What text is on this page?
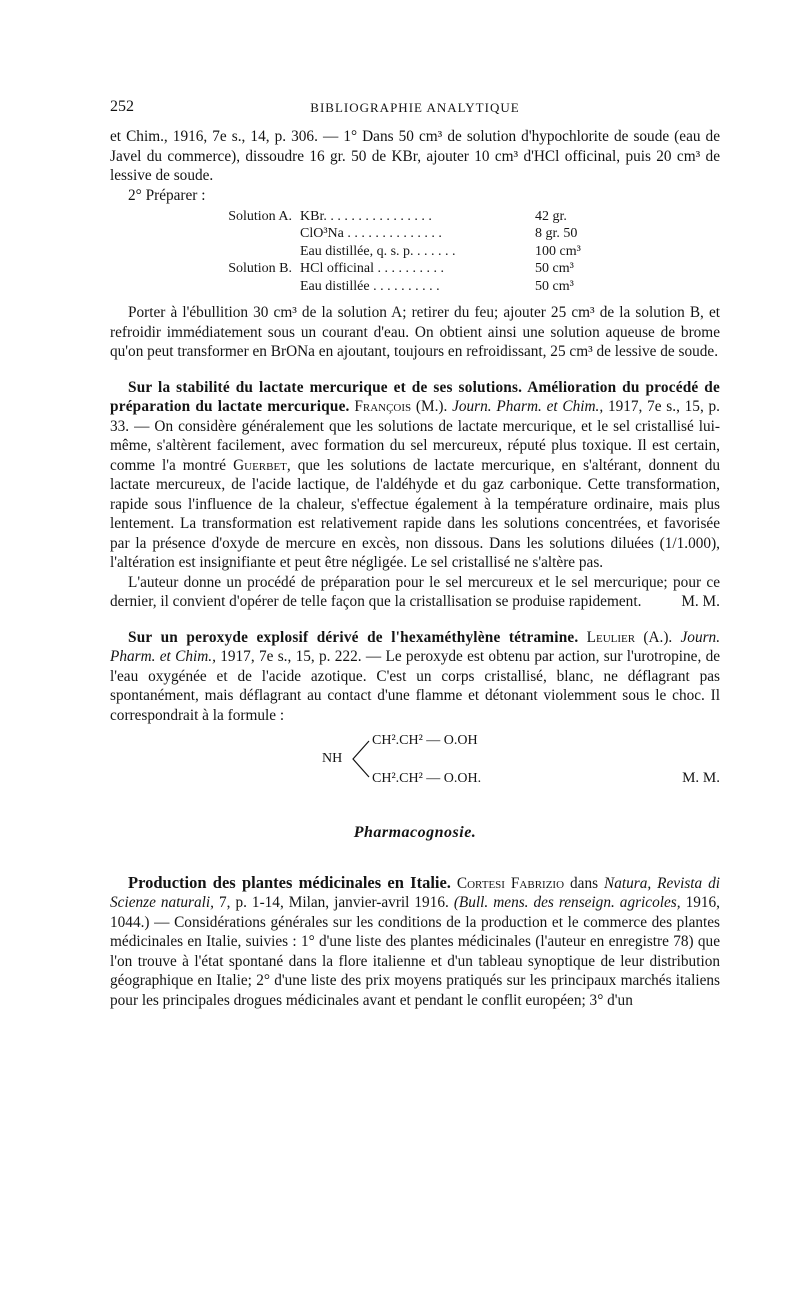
252	BIBLIOGRAPHIE ANALYTIQUE

et Chim., 1916, 7e s., 14, p. 306. — 1° Dans 50 cm³ de solution d'hypochlorite de soude (eau de Javel du commerce), dissoudre 16 gr. 50 de KBr, ajouter 10 cm³ d'HCl officinal, puis 20 cm³ de lessive de soude.

2° Préparer :

Solution A. KBr. . . . . . . . . . . . . . . .	42 gr.
ClO³Na . . . . . . . . . . . . . .	8 gr. 50
Eau distillée, q. s. p. . . . . . .	100 cm³
Solution B. HCl officinal . . . . . . . . . .	50 cm³
Eau distillée . . . . . . . . . .	50 cm³

Porter à l'ébullition 30 cm³ de la solution A; retirer du feu; ajouter 25 cm³ de la solution B, et refroidir immédiatement sous un courant d'eau. On obtient ainsi une solution aqueuse de brome qu'on peut transformer en BrONa en ajoutant, toujours en refroidissant, 25 cm³ de lessive de soude.

Sur la stabilité du lactate mercurique et de ses solutions. Amélioration du procédé de préparation du lactate mercurique. François (M.). Journ. Pharm. et Chim., 1917, 7e s., 15, p. 33. — On considère généralement que les solutions de lactate mercurique, et le sel cristallisé lui-même, s'altèrent facilement, avec formation du sel mercureux, réputé plus toxique. Il est certain, comme l'a montré Guerbet, que les solutions de lactate mercurique, en s'altérant, donnent du lactate mercureux, de l'acide lactique, de l'aldéhyde et du gaz carbonique. Cette transformation, rapide sous l'influence de la chaleur, s'effectue également à la température ordinaire, mais plus lentement. La transformation est relativement rapide dans les solutions concentrées, et favorisée par la présence d'oxyde de mercure en excès, non dissous. Dans les solutions diluées (1/1.000), l'altération est insignifiante et peut être négligée. Le sel cristallisé ne s'altère pas.

L'auteur donne un procédé de préparation pour le sel mercureux et le sel mercurique; pour ce dernier, il convient d'opérer de telle façon que la cristallisation se produise rapidement.	M. M.

Sur un peroxyde explosif dérivé de l'hexaméthylène tétramine. Leulier (A.). Journ. Pharm. et Chim., 1917, 7e s., 15, p. 222. — Le peroxyde est obtenu par action, sur l'urotropine, de l'eau oxygénée et de l'acide azotique. C'est un corps cristallisé, blanc, ne déflagrant pas spontanément, mais déflagrant au contact d'une flamme et détonant violemment sous le choc. Il correspondrait à la formule :

NH
CH².CH² — O.OH
CH².CH² — O.OH.	M. M.
Pharmacognosie.

Production des plantes médicinales en Italie. Cortesi Fabrizio dans Natura, Revista di Scienze naturali, 7, p. 1-14, Milan, janvier-avril 1916. (Bull. mens. des renseign. agricoles, 1916, 1044.) — Considérations générales sur les conditions de la production et le commerce des plantes médicinales en Italie, suivies : 1° d'une liste des plantes médicinales (l'auteur en enregistre 78) que l'on trouve à l'état spontané dans la flore italienne et d'un tableau synoptique de leur distribution géographique en Italie; 2° d'une liste des prix moyens pratiqués sur les principaux marchés italiens pour les principales drogues médicinales avant et pendant le conflit européen; 3° d'un
